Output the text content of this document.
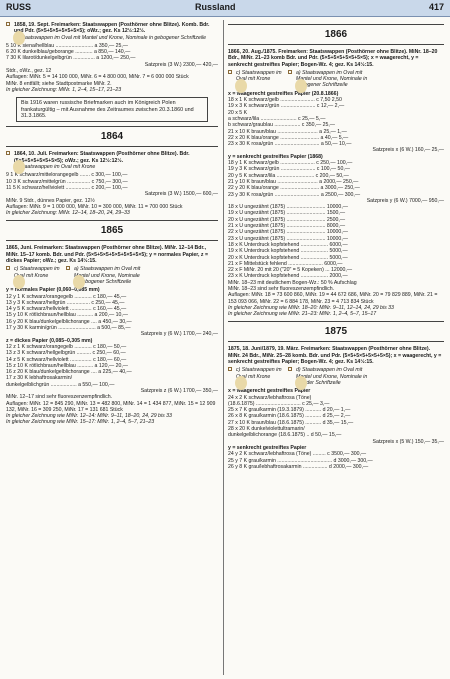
RUSS	Russland	417
1858, 19. Sept. Freimarken: Staatswappen (Posthörner ohne Blitze). Komb. Bdr. und Pdr. (5×5+5×5+5×5+5×5); oWz.; gez. Ks 12½:12½.
a) Staatswappen im Oval mit Mantel und Krone, Nominale in gebogener Schriftzeile
5 10 K siena/hellblau .......................... a 350,— 25,—
6 20 K dunkelblau/geborange ............ a 850,— 140,—
7 30 K lilarot/dunkelgelbgrün ............... a 1200,— 250,—
Satzpreis (3 W.) 2300,— 420,—
Stdr., oWz., gez. 12
Auflagen: MiNr. 5 = 14 100 000, MiNr. 6 = 4 800 000, MiNr. 7 = 6 000 000 Stück
MiNr. 8 entfällt; siehe Stadtpostmarke MiNr. 2.
In gleicher Zeichnung: MiNr. 1, 2–4, 15–17, 21–23
Bis 1916 waren russische Briefmarken auch im Königreich Polen frankaturgültig – mit Ausnahme des Zeitraumes zwischen 20.3.1860 und 31.3.1865.
1864
1864, 10. Juli. Freimarken: Staatswappen (Posthörner ohne Blitze). Bdr. (5×5+5×5+5×5+5×5); oWz.; gez. Ks 12½:12½.
c) Staatswappen im Oval mit Krone
9 1 K schwarz/mittelorangegelb ....... c 300,— 100,—
10 3 K schwarz/mittelgrün ................ c 750,— 300,—
11 5 K schwarz/hellviolett ................. c 200,— 100,—
Satzpreis (3 W.) 1500,— 600,—
MiNr. 9 Stdr., dünnes Papier, gez. 12½
Auflagen: MiNr. 9 = 1 000 000, MiNr. 10 = 300 000, MiNr. 11 = 700 000 Stück
In gleicher Zeichnung: MiNr. 12–14, 18–20, 24, 29–33
1865
1865, Juni. Freimarken: Staatswappen (Posthörner ohne Blitze). MiNr. 12–14 Bdr., MiNr. 15–17 komb. Bdr. und Pdr. (5×5+5×5+5×5+5×5+5×5); y = normales Papier, z = dickes Papier; oWz.; gez. Ks 14½:15.
c) Staatswappen im Oval mit Krone
a) Staatswappen im Oval mit Mantel und Krone, Nominale in gebogener Schriftzeile
y = normales Papier (0,060–0,085 mm)
12 y 1 K schwarz/orangegelb ............ c 180,— 45,—
13 y 3 K schwarz/hellgrün ................ c 250,— 45,—
14 y 5 K schwarz/hellviolett ............... c 160,— 45,—
15 y 10 K rötlichbraun/hellblau ........... a 200,— 10,—
16 y 20 K blau/dunkelgelblichorange .... a 450,— 30,—
17 y 30 K karmin/grün .......................... a 500,— 85,—
Satzpreis y (6 W.) 1700,— 240,—
z = dickes Papier (0,085–0,305 mm)
12 z 1 K schwarz/orangegelb ............ c 180,— 50,—
13 z 3 K schwarz/hellgelbgrün .......... c 250,— 60,—
14 z 5 K schwarz/hellviolett ............... c 180,— 60,—
15 z 10 K rötlichbraun/hellblau ........... a 120,— 20,—
16 z 20 K blau/dunkelgelblichorange .... a 225,— 40,—
17 z 30 K lebhaftrosakarmin/
dunkelgelblichgrün .................. a 550,— 100,—
Satzpreis z (6 W.) 1700,— 350,—
MiNr. 12–17 sind sehr fluoreszenzempfindlich.
Auflagen: MiNr. 12 = 845 290, MiNr. 13 = 482 800, MiNr. 14 = 1 434 877, MiNr. 15 = 12 909 132, MiNr. 16 = 309 250, MiNr. 17 = 131 681 Stück
In gleicher Zeichnung wie MiNr. 12–14: MiNr. 9–11, 18–20, 24, 29 bis 33
In gleicher Zeichnung wie MiNr. 15–17: MiNr. 1, 2–4, 5–7, 21–23
1866
1866, 20. Aug./1875. Freimarken: Staatswappen (Posthörner ohne Blitze). MiNr. 18–20 Bdr., MiNr. 21–23 komb Bdr. und Pdr. (5×5+5×5+5×5+5×5); x = waagerecht, y = senkrecht gestreiftes Papier; Bogen-Wz. 4; gez. Ks 14½:15.
c) Staatswappen im Oval mit Krone
a) Staatswappen im Oval mit Mantel und Krone, Nominale in gebogener Schriftzeile
x = waagerecht gestreiftes Papier (20.8.1866)
18 x 1 K schwarz/gelb ........................ c 7,50 2,50
19 x 3 K schwarz/grün ........................ c 12,— 2,—
20 x 5 K
a schwarz/lila ......................... c 25,— 5,—
b schwarz/graublau .................. c 350,— 25,—
21 x 10 K braun/blau ............................ a 25,— 1,—
22 x 20 K blau/orange ........................... a 40,— 5,—
23 x 30 K rosa/grün ............................... a 50,— 10,—
Satzpreis x (6 W.) 160,— 25,—
y = senkrecht gestreiftes Papier (1868)
18 y 1 K schwarz/gelb ........................ c 250,— 100,—
19 y 3 K schwarz/grün ........................ c 100,— 50,—
20 y 5 K schwarz/lila .......................... c 200,— 50,—
21 y 10 K braun/blau ............................ a 2000,— 250,—
22 y 20 K blau/orange ........................... a 3000,— 250,—
23 y 30 K rosa/grün ............................... a 2500,— 300,—
Satzpreis y (6 W.) 7000,— 950,—
18 x U ungezähnt (1875) ........................... 10000,—
19 x U ungezähnt (1875) ........................... 1500,—
20 x U ungezähnt (1875) ........................... 2500,—
21 x U ungezähnt (1875) ........................... 8000,—
22 x U ungezähnt (1875) ........................... 10000,—
23 x U ungezähnt (1875) ........................... 10000,—
18 x K Unterdruck kopfstehend ................... 6000,—
19 x K Unterdruck kopfstehend ................... 5000,—
20 x K Unterdruck kopfstehend ................... 5000,—
21 x F Mittelstück fehlend ........................ 6000,—
22 x F MiNr. 20 mit 20 ("20" = 5 Kopeken) ... 12000,—
23 x K Unterdruck kopfstehend ................... 2000,—
MiNr. 18–23 mit deutlichem Bogen-Wz.: 50 % Aufschlag
MiNr. 18–23 sind sehr fluoreszenzempfindlich.
Auflagen: MiNr. 18 = 73 600 860, MiNr. 19 = 44 672 686, MiNr. 20 = 79 829 889, MiNr. 21 = 153 093 066, MiNr. 22 = 6 884 178, MiNr. 23 = 4 713 834 Stück
In gleicher Zeichnung wie MiNr. 18–20: MiNr. 9–11, 12–14, 24, 29 bis 33
In gleicher Zeichnung wie MiNr. 21–23: MiNr. 1, 2–4, 5–7, 15–17
1875
1875, 18. Juni/1879, 19. März. Freimarken: Staatswappen (Posthörner ohne Blitze). MiNr. 24 Bdr., MiNr. 25–28 komb. Bdr. und Pdr. (5×5+5×5+5×5+5×5); x = waagerecht, y = senkrecht gestreiftes Papier; Bogen-Wz. 4; gez. Ks 14½:15.
c) Staatswappen im Oval mit Krone
d) Staatswappen im Oval mit Mantel und Krone, Nominale in gerader Schriftzeile
x = waagerecht gestreiftes Papier
24 x 2 K schwarz/lebhaftrosa (Töne)
(18.6.1875) ............................... c 25,— 3,—
25 x 7 K grau/karmin (19.3.1879) ........... d 20,— 1,—
26 x 8 K grau/karmin (18.6.1875) ........... d 25,— 2,—
27 x 10 K braun/blau (18.6.1875) ........... d 35,— 15,—
28 x 20 K dunkelviolettultramarin/
dunkelgelblichorange (18.6.1875) .. d 50,— 15,—
Satzpreis x (5 W.) 150,— 35,—
y = senkrecht gestreiftes Papier
24 y 2 K schwarz/lebhaftrosa (Töne) ......... c 3500,— 300,—
25 y 7 K grau/karmin ...................................... d 3000,— 300,—
26 y 8 K grau/lebhaftrosakarmin ................. d 2000,— 300,—
